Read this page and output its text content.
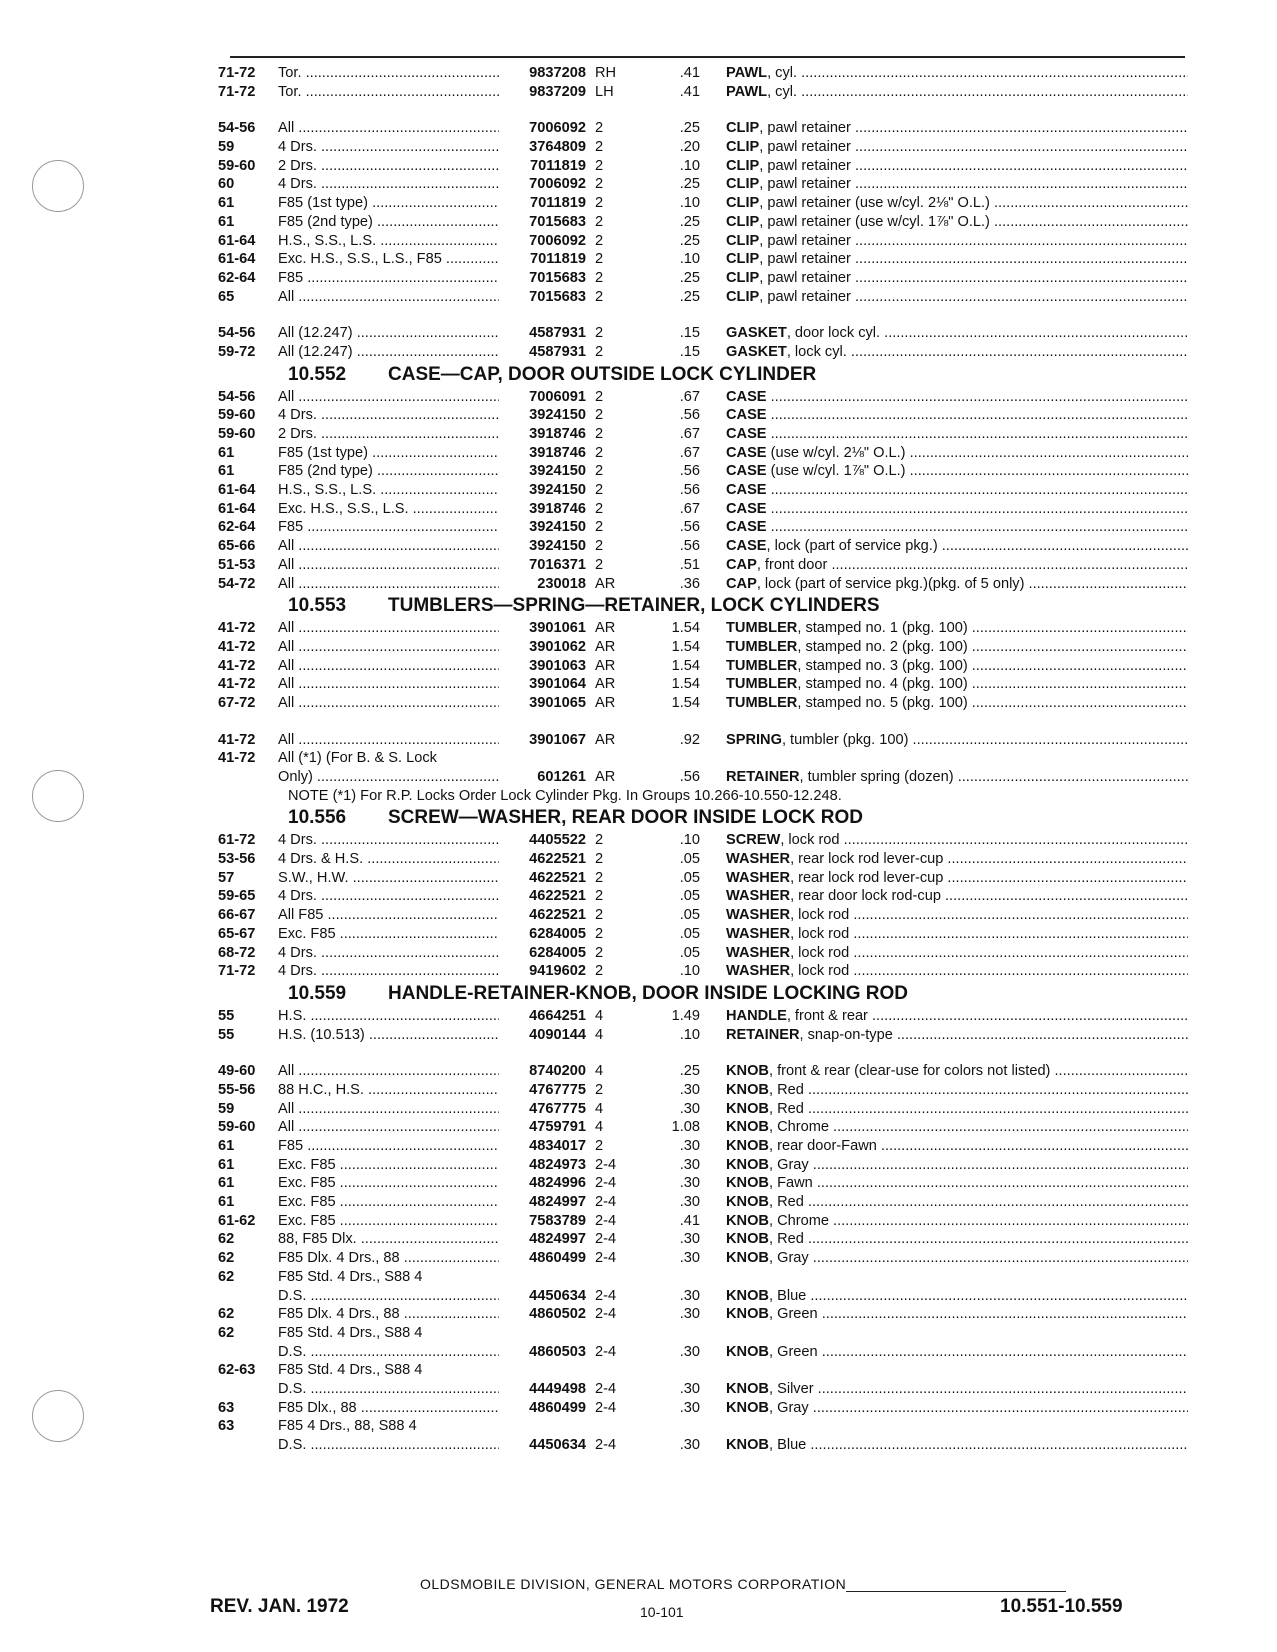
71-72	Tor. .....	9837208 RH	.41	PAWL, cyl. .....
71-72	Tor. .....	9837209 LH	.41	PAWL, cyl. .....
54-56	All .....	7006092 2	.25	CLIP, pawl retainer .....
59	4 Drs. .....	3764809 2	.20	CLIP, pawl retainer .....
59-60	2 Drs. .....	7011819 2	.10	CLIP, pawl retainer .....
60	4 Drs. .....	7006092 2	.25	CLIP, pawl retainer .....
61	F85 (1st type) .....	7011819 2	.10	CLIP, pawl retainer (use w/cyl. 2⅛" O.L.) .....
61	F85 (2nd type) .....	7015683 2	.25	CLIP, pawl retainer (use w/cyl. 1⅞" O.L.) .....
61-64	H.S., S.S., L.S. .....	7006092 2	.25	CLIP, pawl retainer .....
61-64	Exc. H.S., S.S., L.S., F85 .....	7011819 2	.10	CLIP, pawl retainer .....
62-64	F85 .....	7015683 2	.25	CLIP, pawl retainer .....
65	All .....	7015683 2	.25	CLIP, pawl retainer .....
54-56	All (12.247) .....	4587931 2	.15	GASKET, door lock cyl. .....
59-72	All (12.247) .....	4587931 2	.15	GASKET, lock cyl. .....
10.552	CASE—CAP, DOOR OUTSIDE LOCK CYLINDER
54-56	All .....	7006091 2	.67	CASE .....
59-60	4 Drs. .....	3924150 2	.56	CASE .....
59-60	2 Drs. .....	3918746 2	.67	CASE .....
61	F85 (1st type) .....	3918746 2	.67	CASE (use w/cyl. 2⅛" O.L.) .....
61	F85 (2nd type) .....	3924150 2	.56	CASE (use w/cyl. 1⅞" O.L.) .....
61-64	H.S., S.S., L.S. .....	3924150 2	.56	CASE .....
61-64	Exc. H.S., S.S., L.S. .....	3918746 2	.67	CASE .....
62-64	F85 .....	3924150 2	.56	CASE .....
65-66	All .....	3924150 2	.56	CASE, lock (part of service pkg.) .....
51-53	All .....	7016371 2	.51	CAP, front door .....
54-72	All .....	230018 AR	.36	CAP, lock (part of service pkg.)(pkg. of 5 only) .....
10.553	TUMBLERS—SPRING—RETAINER, LOCK CYLINDERS
41-72	All .....	3901061 AR	1.54	TUMBLER, stamped no. 1 (pkg. 100) .....
41-72	All .....	3901062 AR	1.54	TUMBLER, stamped no. 2 (pkg. 100) .....
41-72	All .....	3901063 AR	1.54	TUMBLER, stamped no. 3 (pkg. 100) .....
41-72	All .....	3901064 AR	1.54	TUMBLER, stamped no. 4 (pkg. 100) .....
67-72	All .....	3901065 AR	1.54	TUMBLER, stamped no. 5 (pkg. 100) .....
41-72	All .....	3901067 AR	.92	SPRING, tumbler (pkg. 100) .....
41-72	All (*1) (For B. & S. Lock
Only) .....	601261 AR	.56	RETAINER, tumbler spring (dozen) .....
NOTE (*1) For R.P. Locks Order Lock Cylinder Pkg. In Groups 10.266-10.550-12.248.
10.556	SCREW—WASHER, REAR DOOR INSIDE LOCK ROD
61-72	4 Drs. .....	4405522 2	.10	SCREW, lock rod .....
53-56	4 Drs. & H.S. .....	4622521 2	.05	WASHER, rear lock rod lever-cup .....
57	S.W., H.W. .....	4622521 2	.05	WASHER, rear lock rod lever-cup .....
59-65	4 Drs. .....	4622521 2	.05	WASHER, rear door lock rod-cup .....
66-67	All F85 .....	4622521 2	.05	WASHER, lock rod .....
65-67	Exc. F85 .....	6284005 2	.05	WASHER, lock rod .....
68-72	4 Drs. .....	6284005 2	.05	WASHER, lock rod .....
71-72	4 Drs. .....	9419602 2	.10	WASHER, lock rod .....
10.559	HANDLE-RETAINER-KNOB, DOOR INSIDE LOCKING ROD
55	H.S. .....	4664251 4	1.49	HANDLE, front & rear .....
55	H.S. (10.513) .....	4090144 4	.10	RETAINER, snap-on-type .....
49-60	All .....	8740200 4	.25	KNOB, front & rear (clear-use for colors not listed) .....
55-56	88 H.C., H.S. .....	4767775 2	.30	KNOB, Red .....
59	All .....	4767775 4	.30	KNOB, Red .....
59-60	All .....	4759791 4	1.08	KNOB, Chrome .....
61	F85 .....	4834017 2	.30	KNOB, rear door-Fawn .....
61	Exc. F85 .....	4824973 2-4	.30	KNOB, Gray .....
61	Exc. F85 .....	4824996 2-4	.30	KNOB, Fawn .....
61	Exc. F85 .....	4824997 2-4	.30	KNOB, Red .....
61-62	Exc. F85 .....	7583789 2-4	.41	KNOB, Chrome .....
62	88, F85 Dlx. .....	4824997 2-4	.30	KNOB, Red .....
62	F85 Dlx. 4 Drs., 88 .....	4860499 2-4	.30	KNOB, Gray .....
62	F85 Std. 4 Drs., S88 4
D.S. .....	4450634 2-4	.30	KNOB, Blue .....
62	F85 Dlx. 4 Drs., 88 .....	4860502 2-4	.30	KNOB, Green .....
62	F85 Std. 4 Drs., S88 4
D.S. .....	4860503 2-4	.30	KNOB, Green .....
62-63	F85 Std. 4 Drs., S88 4
D.S. .....	4449498 2-4	.30	KNOB, Silver .....
63	F85 Dlx., 88 .....	4860499 2-4	.30	KNOB, Gray .....
63	F85 4 Drs., 88, S88 4
D.S. .....	4450634 2-4	.30	KNOB, Blue .....
OLDSMOBILE DIVISION, GENERAL MOTORS CORPORATION
REV. JAN. 1972	10-101	10.551-10.559
